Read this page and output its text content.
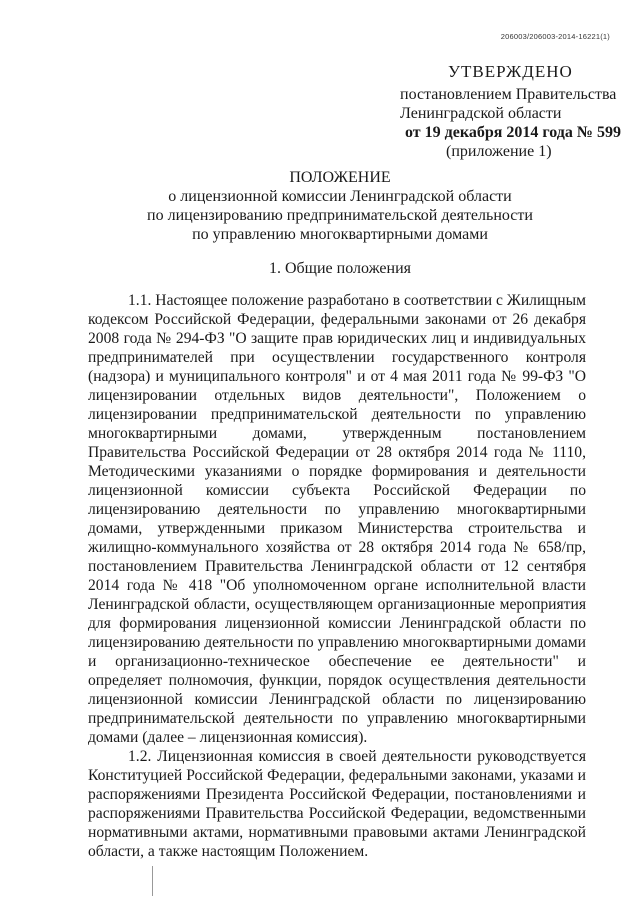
206003/206003-2014-16221(1)
УТВЕРЖДЕНО
постановлением Правительства
Ленинградской области
от 19 декабря 2014 года № 599
(приложение 1)
ПОЛОЖЕНИЕ
о лицензионной комиссии Ленинградской области
по лицензированию предпринимательской деятельности
по управлению многоквартирными домами
1. Общие положения

1.1. Настоящее положение разработано в соответствии с Жилищным кодексом Российской Федерации, федеральными законами от 26 декабря 2008 года № 294-ФЗ "О защите прав юридических лиц и индивидуальных предпринимателей при осуществлении государственного контроля (надзора) и муниципального контроля" и от 4 мая 2011 года № 99-ФЗ "О лицензировании отдельных видов деятельности", Положением о лицензировании предпринимательской деятельности по управлению многоквартирными домами, утвержденным постановлением Правительства Российской Федерации от 28 октября 2014 года № 1110, Методическими указаниями о порядке формирования и деятельности лицензионной комиссии субъекта Российской Федерации по лицензированию деятельности по управлению многоквартирными домами, утвержденными приказом Министерства строительства и жилищно-коммунального хозяйства от 28 октября 2014 года № 658/пр, постановлением Правительства Ленинградской области от 12 сентября 2014 года № 418 "Об уполномоченном органе исполнительной власти Ленинградской области, осуществляющем организационные мероприятия для формирования лицензионной комиссии Ленинградской области по лицензированию деятельности по управлению многоквартирными домами и организационно-техническое обеспечение ее деятельности" и определяет полномочия, функции, порядок осуществления деятельности лицензионной комиссии Ленинградской области по лицензированию предпринимательской деятельности по управлению многоквартирными домами (далее – лицензионная комиссия).

1.2. Лицензионная комиссия в своей деятельности руководствуется Конституцией Российской Федерации, федеральными законами, указами и распоряжениями Президента Российской Федерации, постановлениями и распоряжениями Правительства Российской Федерации, ведомственными нормативными актами, нормативными правовыми актами Ленинградской области, а также настоящим Положением.
